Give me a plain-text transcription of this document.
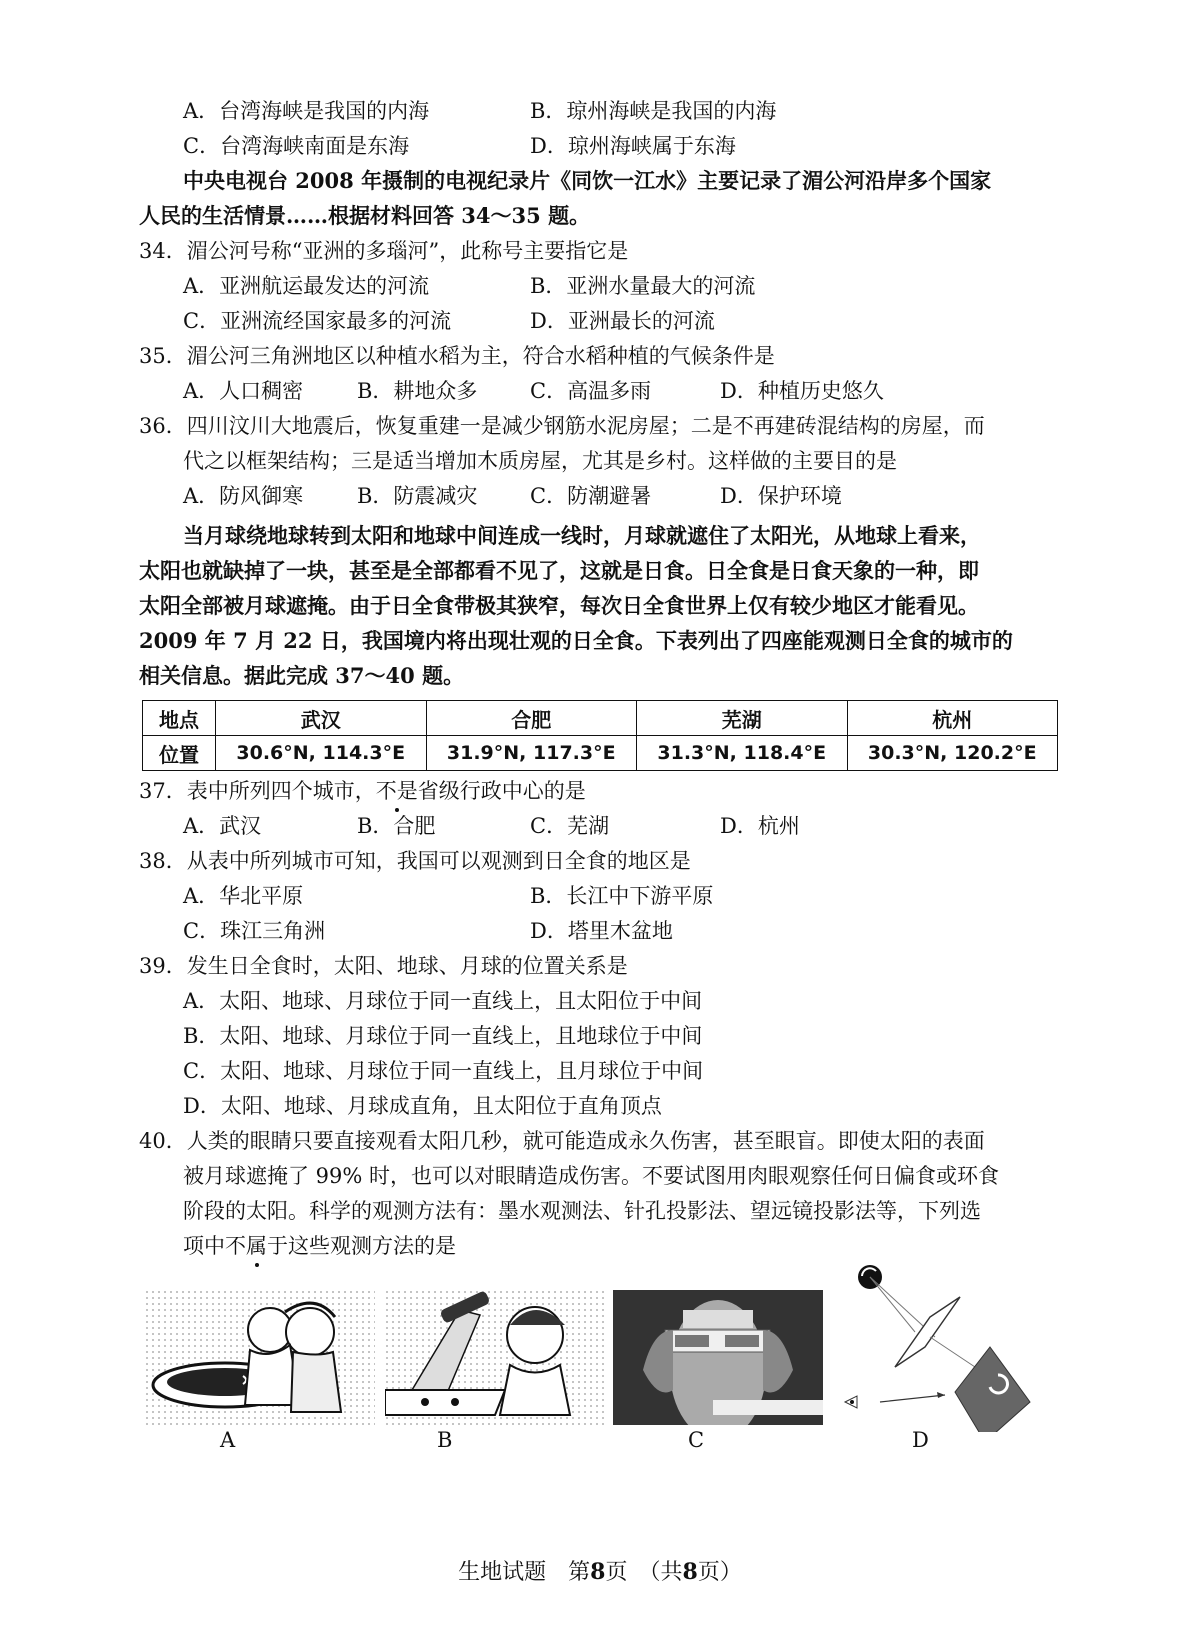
A．台湾海峡是我国的内海	B．琼州海峡是我国的内海
C．台湾海峡南面是东海	D．琼州海峡属于东海
中央电视台 2008 年摄制的电视纪录片《同饮一江水》主要记录了湄公河沿岸多个国家
人民的生活情景……根据材料回答 34～35 题。
34．湄公河号称“亚洲的多瑙河”，此称号主要指它是
A．亚洲航运最发达的河流	B．亚洲水量最大的河流
C．亚洲流经国家最多的河流	D．亚洲最长的河流
35．湄公河三角洲地区以种植水稻为主，符合水稻种植的气候条件是
A．人口稠密	B．耕地众多	C．高温多雨	D．种植历史悠久
36．四川汶川大地震后，恢复重建一是减少钢筋水泥房屋；二是不再建砖混结构的房屋，而
代之以框架结构；三是适当增加木质房屋，尤其是乡村。这样做的主要目的是
A．防风御寒	B．防震减灾	C．防潮避暑	D．保护环境
当月球绕地球转到太阳和地球中间连成一线时，月球就遮住了太阳光，从地球上看来，
太阳也就缺掉了一块，甚至是全部都看不见了，这就是日食。日全食是日食天象的一种，即
太阳全部被月球遮掩。由于日全食带极其狭窄，每次日全食世界上仅有较少地区才能看见。
2009 年 7 月 22 日，我国境内将出现壮观的日全食。下表列出了四座能观测日全食的城市的
相关信息。据此完成 37～40 题。
地点	武汉	合肥	芜湖	杭州
位置	30.6°N, 114.3°E	31.9°N, 117.3°E	31.3°N, 118.4°E	30.3°N, 120.2°E
37．表中所列四个城市，不是省级行政中心的是
A．武汉	B．合肥	C．芜湖	D．杭州
38．从表中所列城市可知，我国可以观测到日全食的地区是
A．华北平原	B．长江中下游平原
C．珠江三角洲	D．塔里木盆地
39．发生日全食时，太阳、地球、月球的位置关系是
A．太阳、地球、月球位于同一直线上，且太阳位于中间
B．太阳、地球、月球位于同一直线上，且地球位于中间
C．太阳、地球、月球位于同一直线上，且月球位于中间
D．太阳、地球、月球成直角，且太阳位于直角顶点
40．人类的眼睛只要直接观看太阳几秒，就可能造成永久伤害，甚至眼盲。即使太阳的表面
被月球遮掩了 99% 时，也可以对眼睛造成伤害。不要试图用肉眼观察任何日偏食或环食
阶段的太阳。科学的观测方法有：墨水观测法、针孔投影法、望远镜投影法等，下列选
项中不属于这些观测方法的是
A	B	C	D
生地试题　第8页　（共8页）
